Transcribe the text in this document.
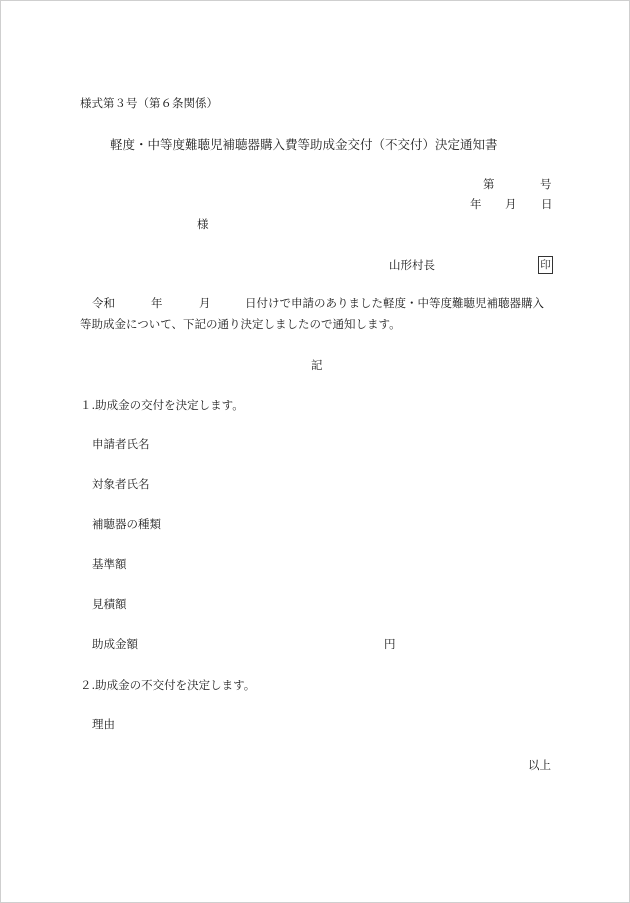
様式第３号（第６条関係）
軽度・中等度難聴児補聴器購入費等助成金交付（不交付）決定通知書
第	号
年 月 日
様
山形村長	印
令和	年	月	日付けで申請のありました軽度・中等度難聴児補聴器購入
等助成金について、下記の通り決定しましたので通知します。
記
１.助成金の交付を決定します。
申請者氏名
対象者氏名
補聴器の種類
基準額
見積額
助成金額	円
２.助成金の不交付を決定します。
理由
以上
